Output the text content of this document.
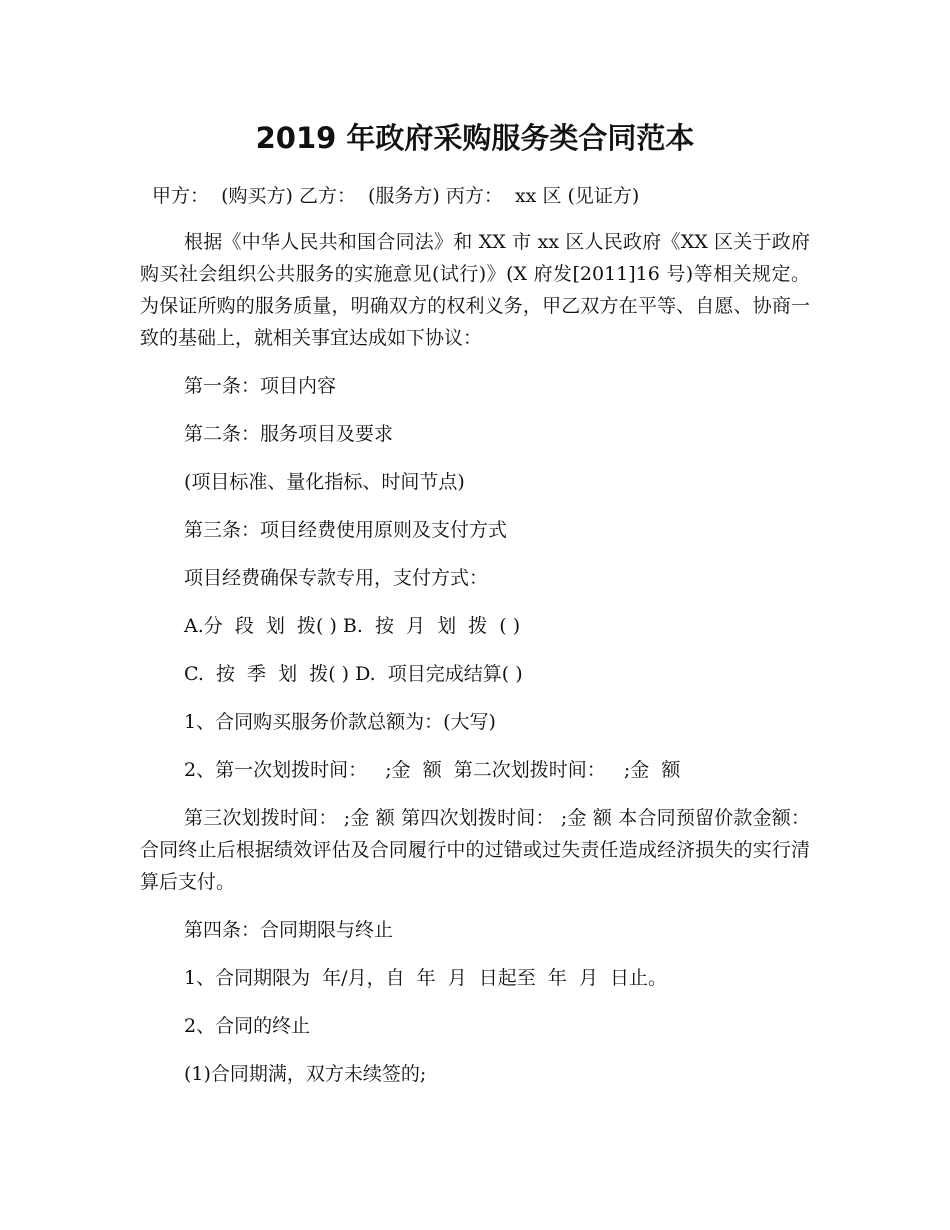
2019 年政府采购服务类合同范本

甲方：  (购买方) 乙方：  (服务方) 丙方：  xx 区 (见证方)

根据《中华人民共和国合同法》和 XX 市 xx 区人民政府《XX 区关于政府购买社会组织公共服务的实施意见(试行)》(X 府发[2011]16 号)等相关规定。为保证所购的服务质量，明确双方的权利义务，甲乙双方在平等、自愿、协商一致的基础上，就相关事宜达成如下协议：

第一条：项目内容

第二条：服务项目及要求

(项目标准、量化指标、时间节点)

第三条：项目经费使用原则及支付方式

项目经费确保专款专用，支付方式：

A.分  段  划  拨( ) B.  按  月  划  拨  ( )

C.  按  季  划  拨( ) D.  项目完成结算( )

1、合同购买服务价款总额为：(大写)

2、第一次划拨时间：   ;金  额  第二次划拨时间：   ;金  额

第三次划拨时间： ;金 额 第四次划拨时间： ;金 额 本合同预留价款金额： 合同终止后根据绩效评估及合同履行中的过错或过失责任造成经济损失的实行清算后支付。

第四条：合同期限与终止

1、合同期限为  年/月，自  年  月  日起至  年  月  日止。

2、合同的终止

(1)合同期满，双方未续签的;
